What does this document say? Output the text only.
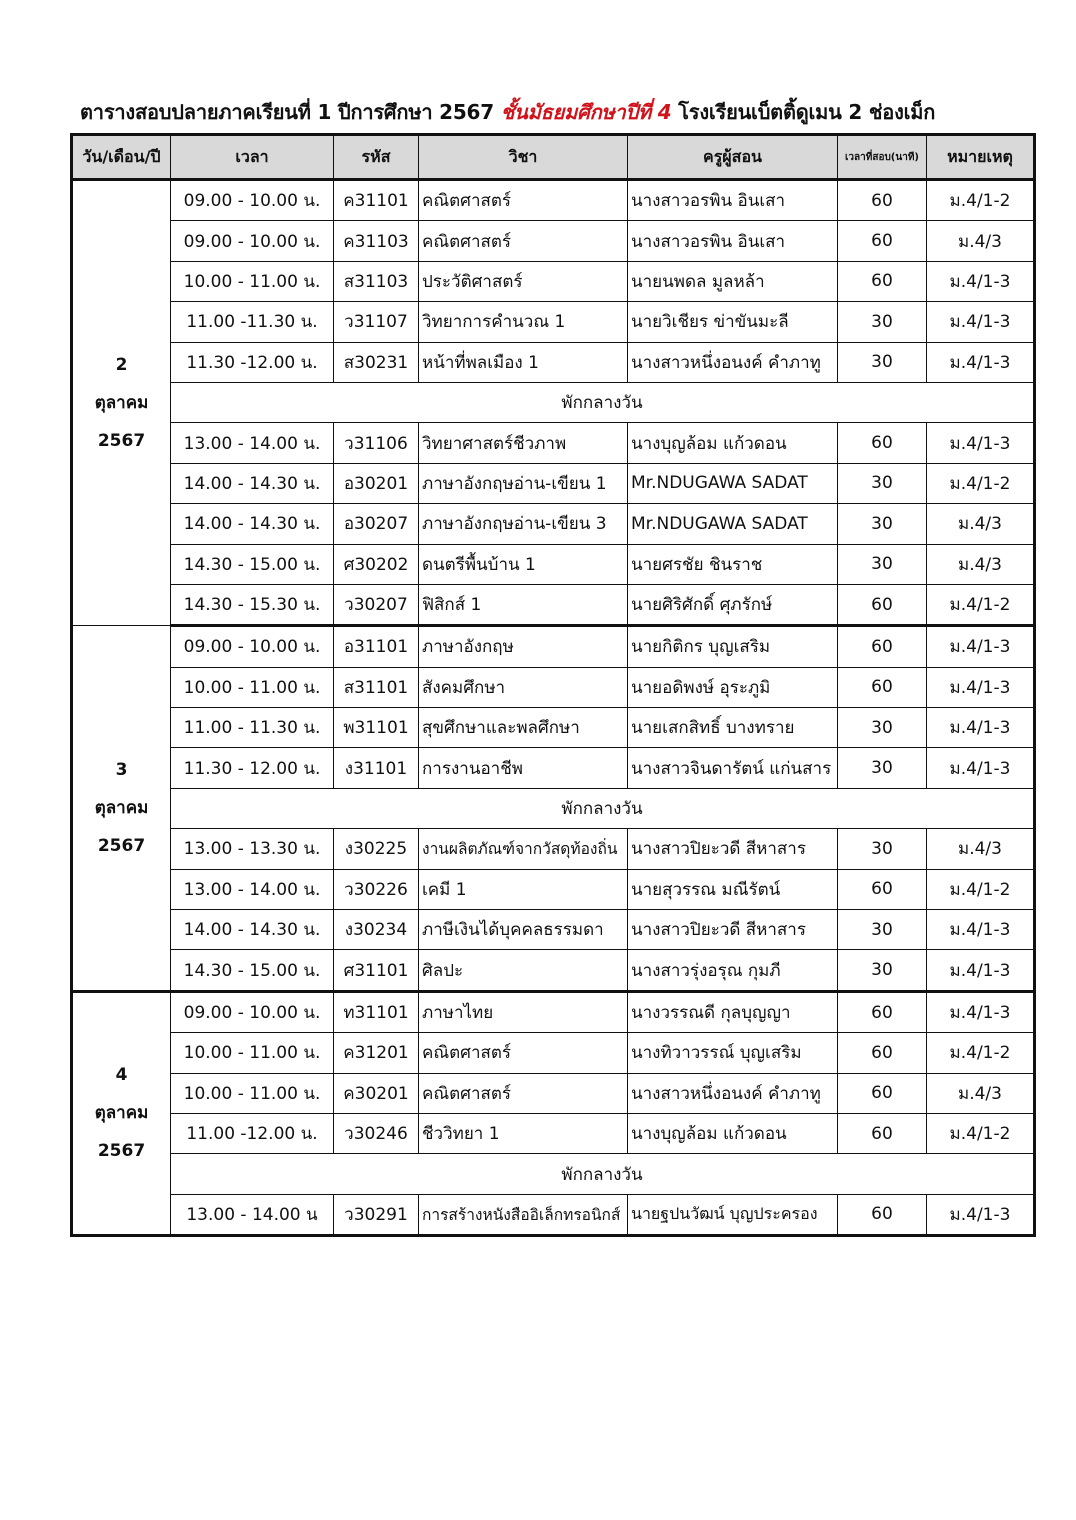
ตารางสอบปลายภาคเรียนที่ 1 ปีการศึกษา 2567 ชั้นมัธยมศึกษาปีที่ 4 โรงเรียนเบ็ตติ้ดูเมน 2 ช่องเม็ก
วัน/เดือน/ปี	เวลา	รหัส	วิชา	ครูผู้สอน	เวลาที่สอบ(นาที)	หมายเหตุ

2
ตุลาคม
2567	09.00 - 10.00 น.	ค31101	คณิตศาสตร์	นางสาวอรพิน อินเสา	60	ม.4/1-2
	09.00 - 10.00 น.	ค31103	คณิตศาสตร์	นางสาวอรพิน อินเสา	60	ม.4/3
	10.00 - 11.00 น.	ส31103	ประวัติศาสตร์	นายนพดล มูลหล้า	60	ม.4/1-3
	11.00 -11.30 น.	ว31107	วิทยาการคำนวณ 1	นายวิเชียร ข่าขันมะลี	30	ม.4/1-3
	11.30 -12.00 น.	ส30231	หน้าที่พลเมือง 1	นางสาวหนึ่งอนงค์ คำภาทู	30	ม.4/1-3
	พักกลางวัน					
	13.00 - 14.00 น.	ว31106	วิทยาศาสตร์ชีวภาพ	นางบุญล้อม แก้วดอน	60	ม.4/1-3
	14.00 - 14.30 น.	อ30201	ภาษาอังกฤษอ่าน-เขียน 1	Mr.NDUGAWA SADAT	30	ม.4/1-2
	14.00 - 14.30 น.	อ30207	ภาษาอังกฤษอ่าน-เขียน 3	Mr.NDUGAWA SADAT	30	ม.4/3
	14.30 - 15.00 น.	ศ30202	ดนตรีพื้นบ้าน 1	นายศรชัย ชินราช	30	ม.4/3
	14.30 - 15.30 น.	ว30207	ฟิสิกส์ 1	นายศิริศักดิ์ ศุภรักษ์	60	ม.4/1-2

3
ตุลาคม
2567	09.00 - 10.00 น.	อ31101	ภาษาอังกฤษ	นายกิติกร บุญเสริม	60	ม.4/1-3
	10.00 - 11.00 น.	ส31101	สังคมศึกษา	นายอดิพงษ์ อุระภูมิ	60	ม.4/1-3
	11.00 - 11.30 น.	พ31101	สุขศึกษาและพลศึกษา	นายเสกสิทธิ์ บางทราย	30	ม.4/1-3
	11.30 - 12.00 น.	ง31101	การงานอาชีพ	นางสาวจินดารัตน์ แก่นสาร	30	ม.4/1-3
	พักกลางวัน					
	13.00 - 13.30 น.	ง30225	งานผลิตภัณฑ์จากวัสดุท้องถิ่น	นางสาวปิยะวดี สีหาสาร	30	ม.4/3
	13.00 - 14.00 น.	ว30226	เคมี 1	นายสุวรรณ มณีรัตน์	60	ม.4/1-2
	14.00 - 14.30 น.	ง30234	ภาษีเงินได้บุคคลธรรมดา	นางสาวปิยะวดี สีหาสาร	30	ม.4/1-3
	14.30 - 15.00 น.	ศ31101	ศิลปะ	นางสาวรุ่งอรุณ กุมภี	30	ม.4/1-3

4
ตุลาคม
2567	09.00 - 10.00 น.	ท31101	ภาษาไทย	นางวรรณดี กุลบุญญา	60	ม.4/1-3
	10.00 - 11.00 น.	ค31201	คณิตศาสตร์	นางทิวาวรรณ์ บุญเสริม	60	ม.4/1-2
	10.00 - 11.00 น.	ค30201	คณิตศาสตร์	นางสาวหนึ่งอนงค์ คำภาทู	60	ม.4/3
	11.00 -12.00 น.	ว30246	ชีววิทยา 1	นางบุญล้อม แก้วดอน	60	ม.4/1-2
	พักกลางวัน					
	13.00 - 14.00 น	ว30291	การสร้างหนังสืออิเล็กทรอนิกส์	นายฐปนวัฒน์ บุญประครอง	60	ม.4/1-3
